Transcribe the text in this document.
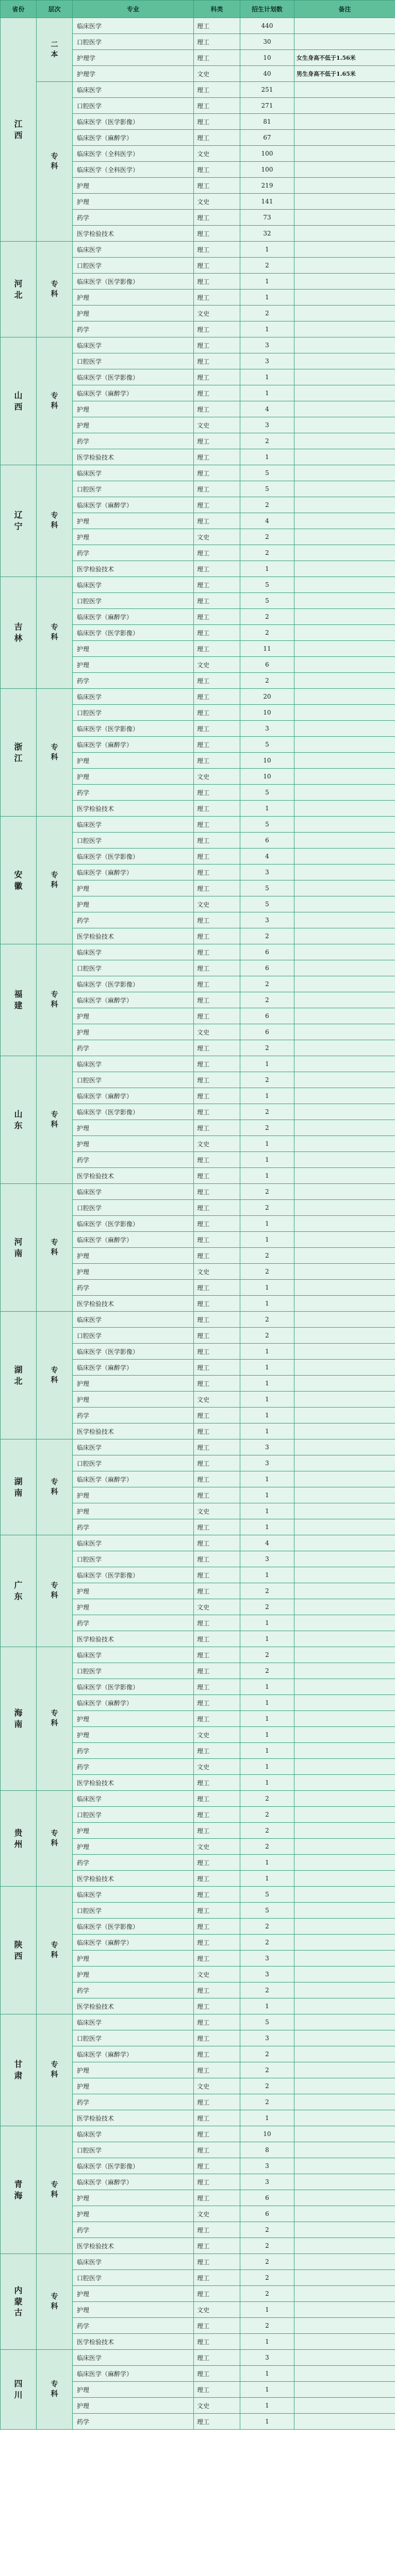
省份	层次	专业	科类	招生计划数	备注
江西	二本	临床医学	理工	440	
		口腔医学	理工	30	
		护理学	理工	10	女生身高不低于1.56米
		护理学	文史	40	男生身高不低于1.65米
	专科	临床医学	理工	251	
		口腔医学	理工	271	
		临床医学（医学影像）	理工	81	
		临床医学（麻醉学）	理工	67	
		临床医学（全科医学）	文史	100	
		临床医学（全科医学）	理工	100	
		护理	理工	219	
		护理	文史	141	
		药学	理工	73	
		医学检验技术	理工	32	
河北	专科	临床医学	理工	1	
		口腔医学	理工	2	
		临床医学（医学影像）	理工	1	
		护理	理工	1	
		护理	文史	2	
		药学	理工	1	
山西	专科	临床医学	理工	3	
		口腔医学	理工	3	
		临床医学（医学影像）	理工	1	
		临床医学（麻醉学）	理工	1	
		护理	理工	4	
		护理	文史	3	
		药学	理工	2	
		医学检验技术	理工	1	
辽宁	专科	临床医学	理工	5	
		口腔医学	理工	5	
		临床医学（麻醉学）	理工	2	
		护理	理工	4	
		护理	文史	2	
		药学	理工	2	
		医学检验技术	理工	1	
吉林	专科	临床医学	理工	5	
		口腔医学	理工	5	
		临床医学（麻醉学）	理工	2	
		临床医学（医学影像）	理工	2	
		护理	理工	11	
		护理	文史	6	
		药学	理工	2	
浙江	专科	临床医学	理工	20	
		口腔医学	理工	10	
		临床医学（医学影像）	理工	3	
		临床医学（麻醉学）	理工	5	
		护理	理工	10	
		护理	文史	10	
		药学	理工	5	
		医学检验技术	理工	1	
安徽	专科	临床医学	理工	5	
		口腔医学	理工	6	
		临床医学（医学影像）	理工	4	
		临床医学（麻醉学）	理工	3	
		护理	理工	5	
		护理	文史	5	
		药学	理工	3	
		医学检验技术	理工	2	
福建	专科	临床医学	理工	6	
		口腔医学	理工	6	
		临床医学（医学影像）	理工	2	
		临床医学（麻醉学）	理工	2	
		护理	理工	6	
		护理	文史	6	
		药学	理工	2	
山东	专科	临床医学	理工	1	
		口腔医学	理工	2	
		临床医学（麻醉学）	理工	1	
		临床医学（医学影像）	理工	2	
		护理	理工	2	
		护理	文史	1	
		药学	理工	1	
		医学检验技术	理工	1	
河南	专科	临床医学	理工	2	
		口腔医学	理工	2	
		临床医学（医学影像）	理工	1	
		临床医学（麻醉学）	理工	1	
		护理	理工	2	
		护理	文史	2	
		药学	理工	1	
		医学检验技术	理工	1	
湖北	专科	临床医学	理工	2	
		口腔医学	理工	2	
		临床医学（医学影像）	理工	1	
		临床医学（麻醉学）	理工	1	
		护理	理工	1	
		护理	文史	1	
		药学	理工	1	
		医学检验技术	理工	1	
湖南	专科	临床医学	理工	3	
		口腔医学	理工	3	
		临床医学（麻醉学）	理工	1	
		护理	理工	1	
		护理	文史	1	
		药学	理工	1	
广东	专科	临床医学	理工	4	
		口腔医学	理工	3	
		临床医学（医学影像）	理工	1	
		护理	理工	2	
		护理	文史	2	
		药学	理工	1	
		医学检验技术	理工	1	
海南	专科	临床医学	理工	2	
		口腔医学	理工	2	
		临床医学（医学影像）	理工	1	
		临床医学（麻醉学）	理工	1	
		护理	理工	1	
		护理	文史	1	
		药学	理工	1	
		药学	文史	1	
		医学检验技术	理工	1	
贵州	专科	临床医学	理工	2	
		口腔医学	理工	2	
		护理	理工	2	
		护理	文史	2	
		药学	理工	1	
		医学检验技术	理工	1	
陕西	专科	临床医学	理工	5	
		口腔医学	理工	5	
		临床医学（医学影像）	理工	2	
		临床医学（麻醉学）	理工	2	
		护理	理工	3	
		护理	文史	3	
		药学	理工	2	
		医学检验技术	理工	1	
甘肃	专科	临床医学	理工	5	
		口腔医学	理工	3	
		临床医学（麻醉学）	理工	2	
		护理	理工	2	
		护理	文史	2	
		药学	理工	2	
		医学检验技术	理工	1	
青海	专科	临床医学	理工	10	
		口腔医学	理工	8	
		临床医学（医学影像）	理工	3	
		临床医学（麻醉学）	理工	3	
		护理	理工	6	
		护理	文史	6	
		药学	理工	2	
		医学检验技术	理工	2	
内蒙古	专科	临床医学	理工	2	
		口腔医学	理工	2	
		护理	理工	2	
		护理	文史	1	
		药学	理工	2	
		医学检验技术	理工	1	
四川	专科	临床医学	理工	3	
		临床医学（麻醉学）	理工	1	
		护理	理工	1	
		护理	文史	1	
		药学	理工	1	
